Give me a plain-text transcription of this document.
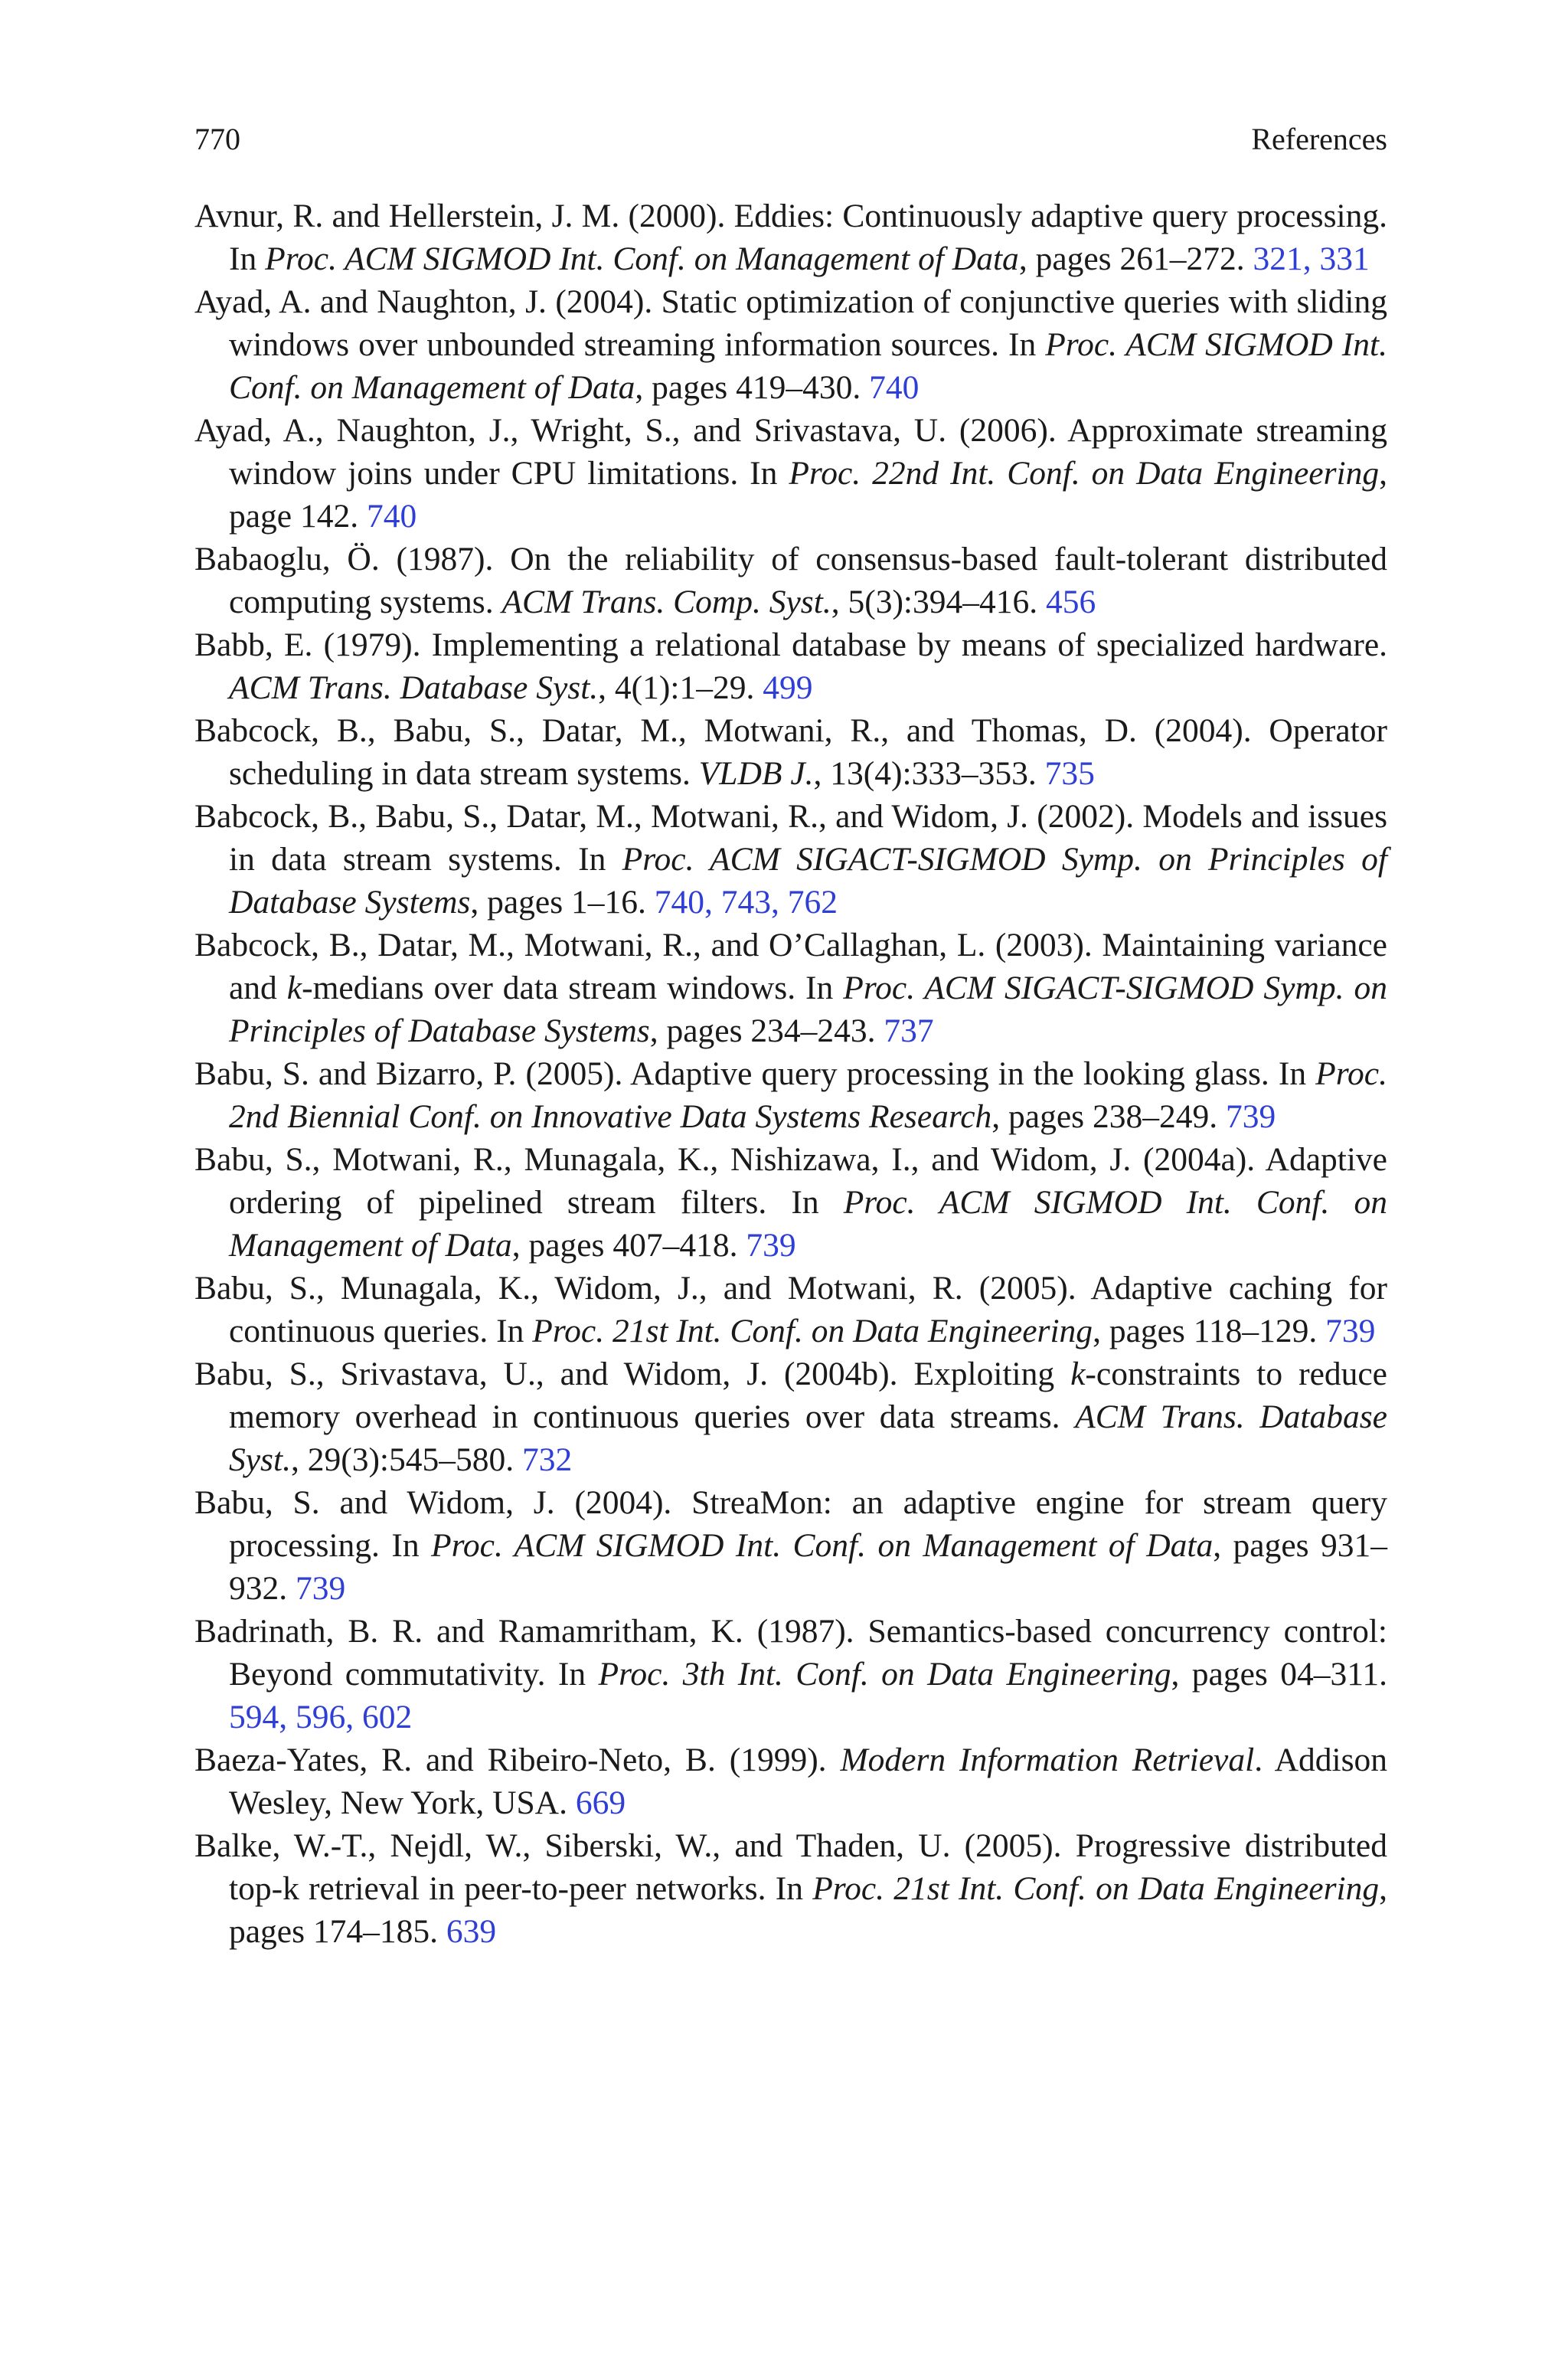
770	References
Avnur, R. and Hellerstein, J. M. (2000). Eddies: Continuously adaptive query processing. In Proc. ACM SIGMOD Int. Conf. on Management of Data, pages 261–272. 321, 331
Ayad, A. and Naughton, J. (2004). Static optimization of conjunctive queries with sliding windows over unbounded streaming information sources. In Proc. ACM SIGMOD Int. Conf. on Management of Data, pages 419–430. 740
Ayad, A., Naughton, J., Wright, S., and Srivastava, U. (2006). Approximate streaming window joins under CPU limitations. In Proc. 22nd Int. Conf. on Data Engineering, page 142. 740
Babaoglu, Ö. (1987). On the reliability of consensus-based fault-tolerant distributed computing systems. ACM Trans. Comp. Syst., 5(3):394–416. 456
Babb, E. (1979). Implementing a relational database by means of specialized hardware. ACM Trans. Database Syst., 4(1):1–29. 499
Babcock, B., Babu, S., Datar, M., Motwani, R., and Thomas, D. (2004). Operator scheduling in data stream systems. VLDB J., 13(4):333–353. 735
Babcock, B., Babu, S., Datar, M., Motwani, R., and Widom, J. (2002). Models and issues in data stream systems. In Proc. ACM SIGACT-SIGMOD Symp. on Principles of Database Systems, pages 1–16. 740, 743, 762
Babcock, B., Datar, M., Motwani, R., and O’Callaghan, L. (2003). Maintaining variance and k-medians over data stream windows. In Proc. ACM SIGACT-SIGMOD Symp. on Principles of Database Systems, pages 234–243. 737
Babu, S. and Bizarro, P. (2005). Adaptive query processing in the looking glass. In Proc. 2nd Biennial Conf. on Innovative Data Systems Research, pages 238–249. 739
Babu, S., Motwani, R., Munagala, K., Nishizawa, I., and Widom, J. (2004a). Adaptive ordering of pipelined stream filters. In Proc. ACM SIGMOD Int. Conf. on Management of Data, pages 407–418. 739
Babu, S., Munagala, K., Widom, J., and Motwani, R. (2005). Adaptive caching for continuous queries. In Proc. 21st Int. Conf. on Data Engineering, pages 118–129. 739
Babu, S., Srivastava, U., and Widom, J. (2004b). Exploiting k-constraints to reduce memory overhead in continuous queries over data streams. ACM Trans. Database Syst., 29(3):545–580. 732
Babu, S. and Widom, J. (2004). StreaMon: an adaptive engine for stream query processing. In Proc. ACM SIGMOD Int. Conf. on Management of Data, pages 931–932. 739
Badrinath, B. R. and Ramamritham, K. (1987). Semantics-based concurrency control: Beyond commutativity. In Proc. 3th Int. Conf. on Data Engineering, pages 04–311. 594, 596, 602
Baeza-Yates, R. and Ribeiro-Neto, B. (1999). Modern Information Retrieval. Addison Wesley, New York, USA. 669
Balke, W.-T., Nejdl, W., Siberski, W., and Thaden, U. (2005). Progressive distributed top-k retrieval in peer-to-peer networks. In Proc. 21st Int. Conf. on Data Engineering, pages 174–185. 639
